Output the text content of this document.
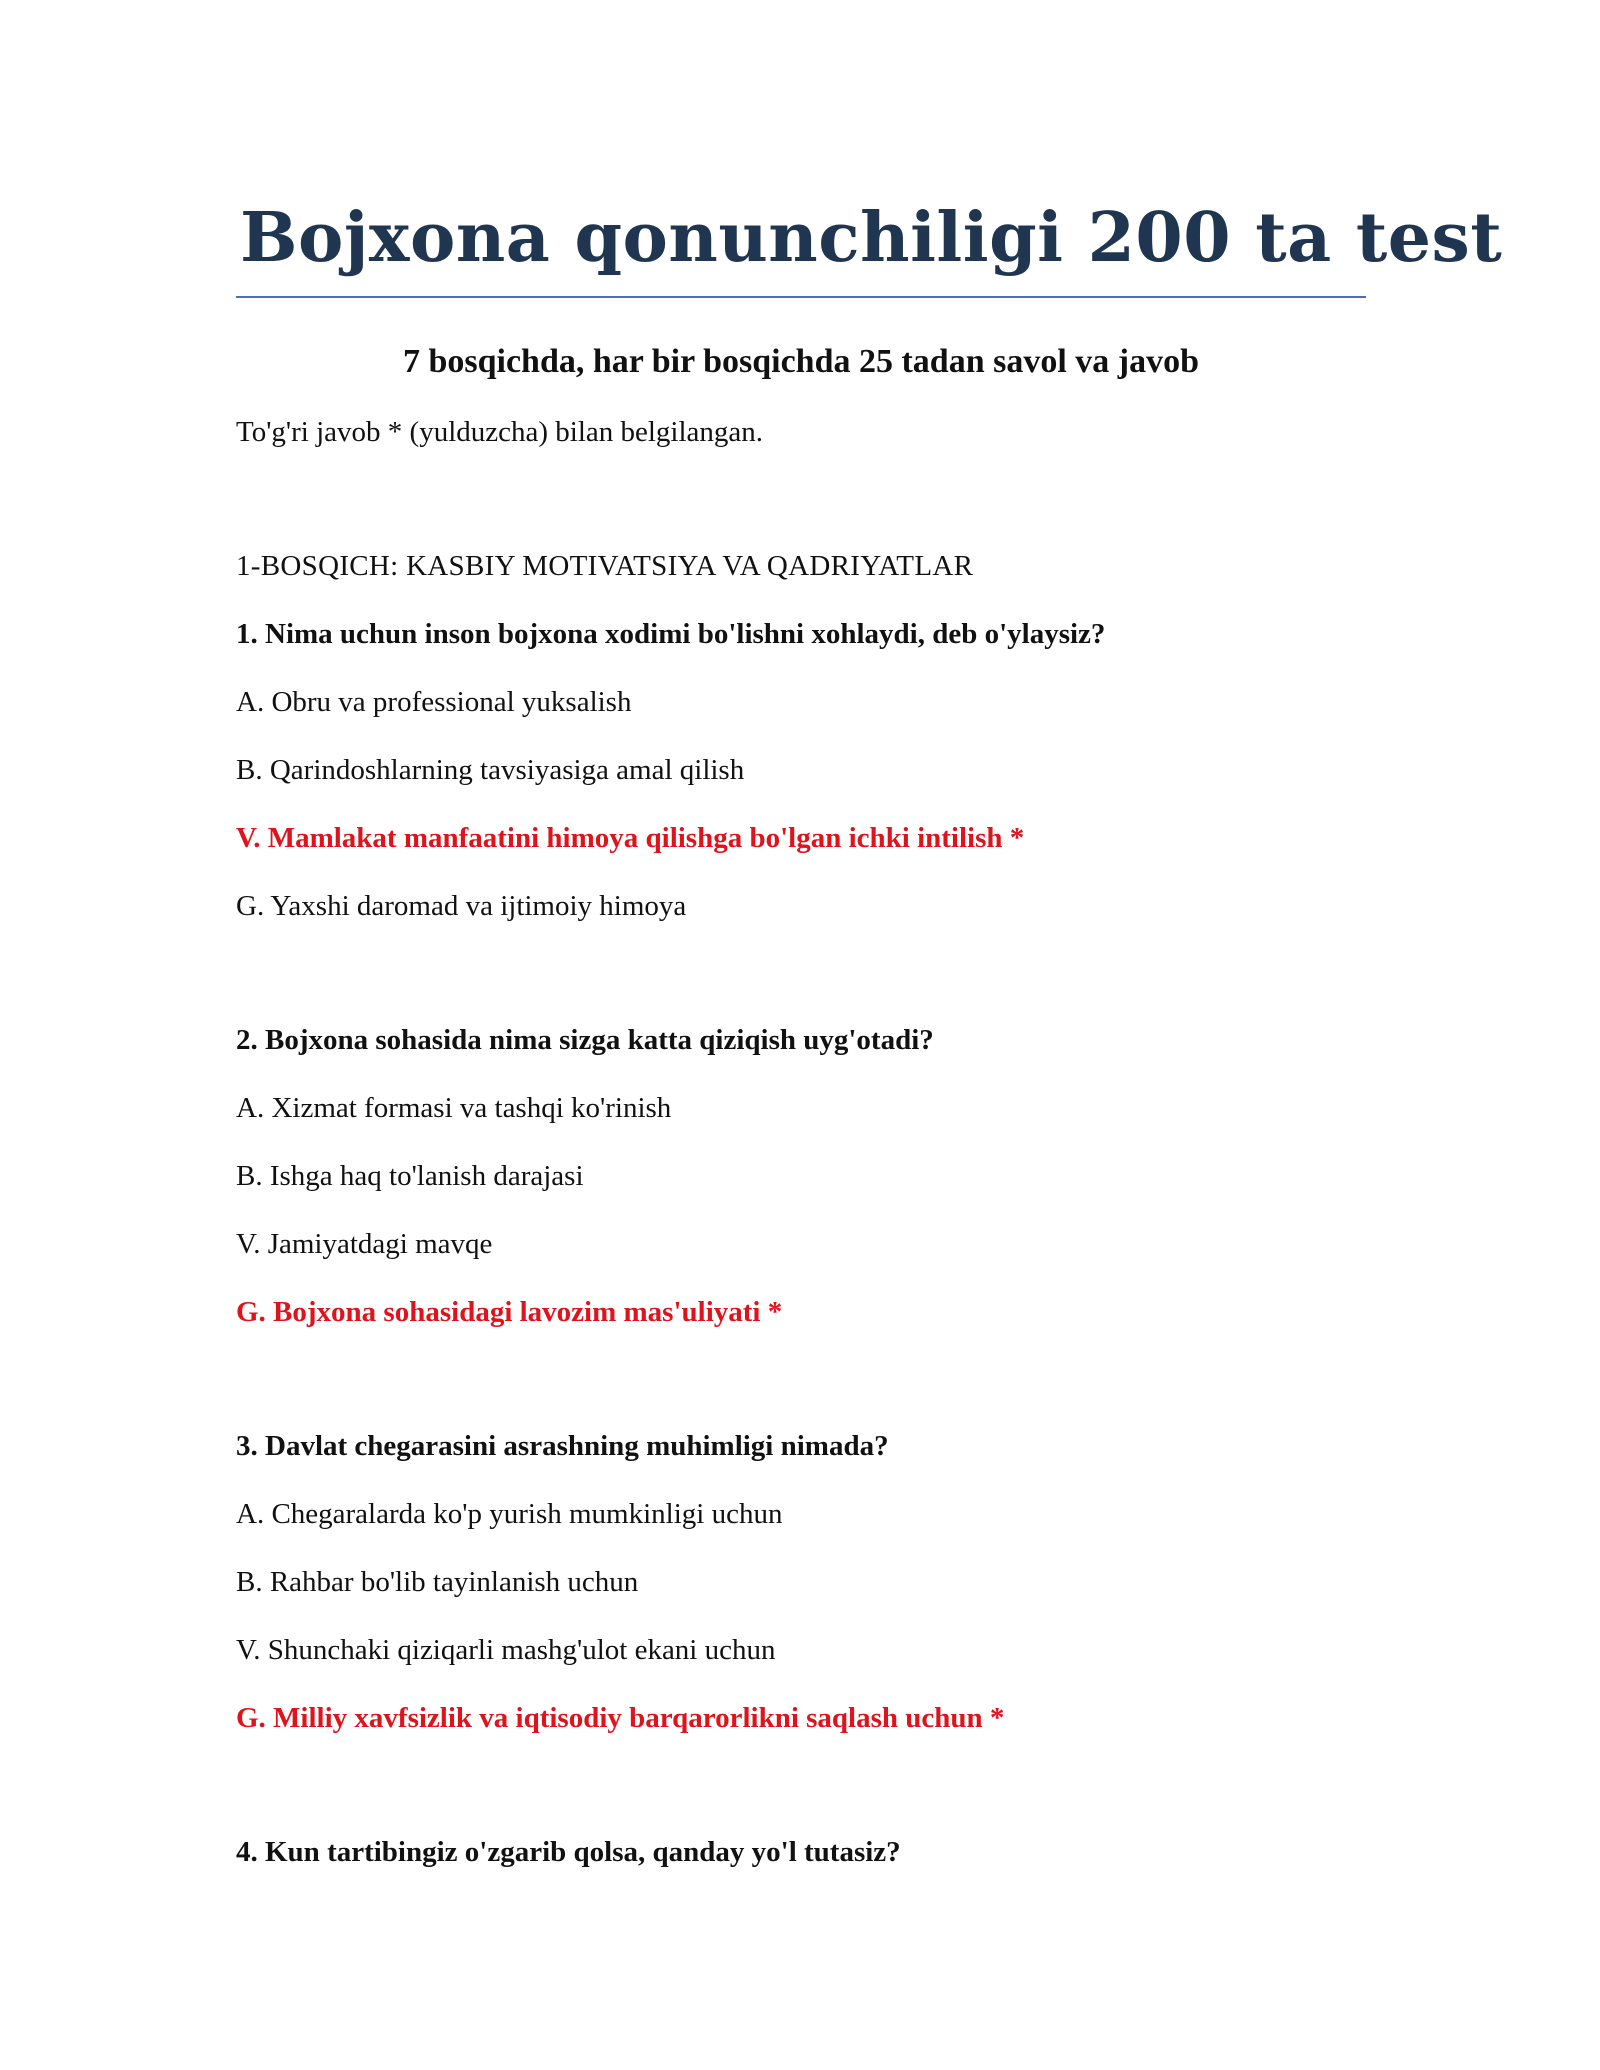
Bojxona qonunchiligi 200 ta test
7 bosqichda, har bir bosqichda 25 tadan savol va javob
To'g'ri javob * (yulduzcha) bilan belgilangan.
1-BOSQICH: KASBIY MOTIVATSIYA VA QADRIYATLAR
1. Nima uchun inson bojxona xodimi bo'lishni xohlaydi, deb o'ylaysiz?
A. Obru va professional yuksalish
B. Qarindoshlarning tavsiyasiga amal qilish
V. Mamlakat manfaatini himoya qilishga bo'lgan ichki intilish *
G. Yaxshi daromad va ijtimoiy himoya
2. Bojxona sohasida nima sizga katta qiziqish uyg'otadi?
A. Xizmat formasi va tashqi ko'rinish
B. Ishga haq to'lanish darajasi
V. Jamiyatdagi mavqe
G. Bojxona sohasidagi lavozim mas'uliyati *
3. Davlat chegarasini asrashning muhimligi nimada?
A. Chegaralarda ko'p yurish mumkinligi uchun
B. Rahbar bo'lib tayinlanish uchun
V. Shunchaki qiziqarli mashg'ulot ekani uchun
G. Milliy xavfsizlik va iqtisodiy barqarorlikni saqlash uchun *
4. Kun tartibingiz o'zgarib qolsa, qanday yo'l tutasiz?
